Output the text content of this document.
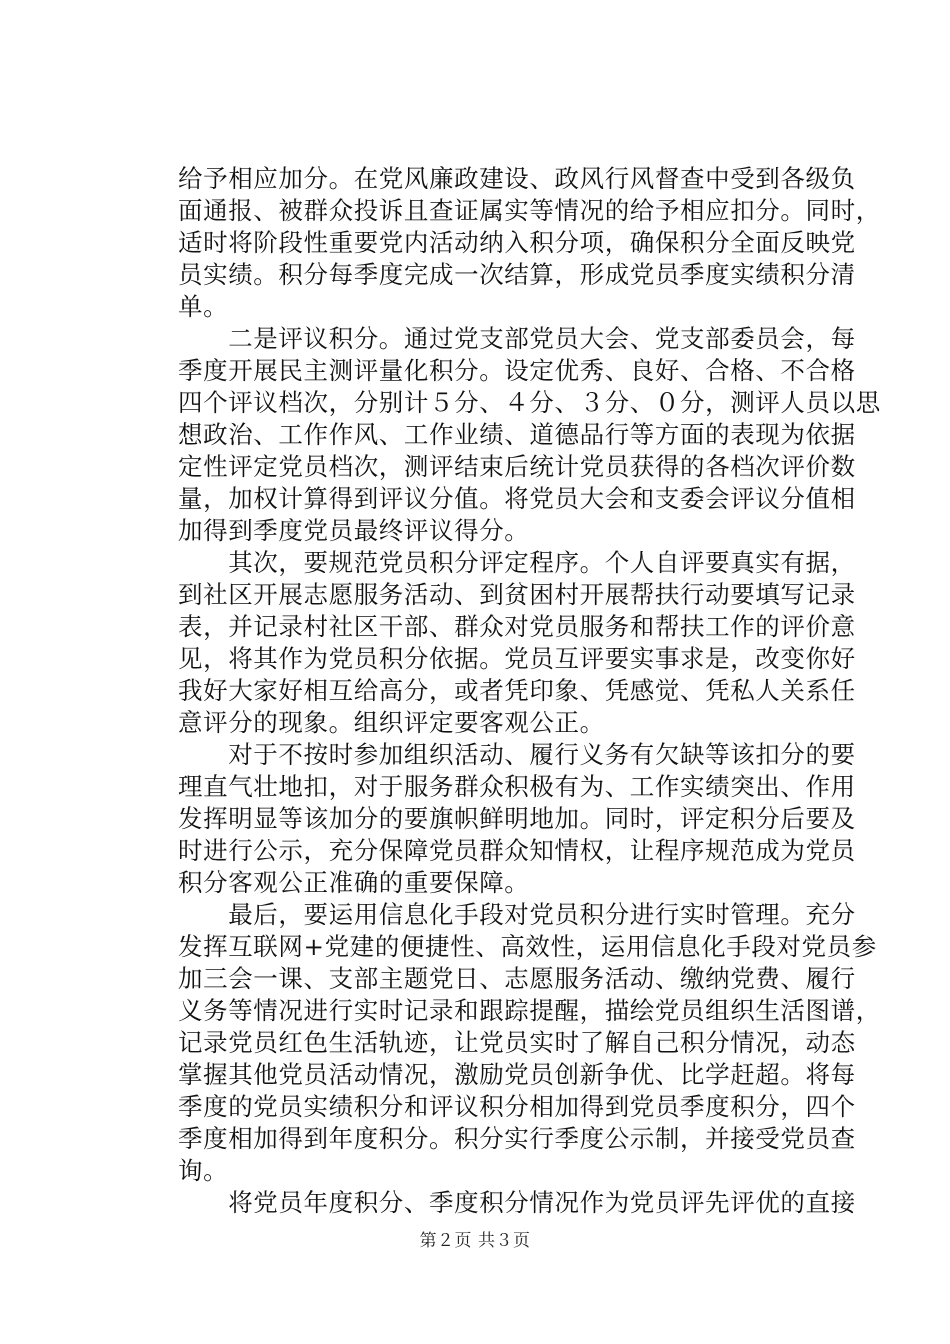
给予相应加分。在党风廉政建设、政风行风督查中受到各级负
面通报、被群众投诉且查证属实等情况的给予相应扣分。同时，
适时将阶段性重要党内活动纳入积分项，确保积分全面反映党
员实绩。积分每季度完成一次结算，形成党员季度实绩积分清
单。
　　二是评议积分。通过党支部党员大会、党支部委员会，每
季度开展民主测评量化积分。设定优秀、良好、合格、不合格
四个评议档次，分别计５分、４分、３分、０分，测评人员以思
想政治、工作作风、工作业绩、道德品行等方面的表现为依据
定性评定党员档次，测评结束后统计党员获得的各档次评价数
量，加权计算得到评议分值。将党员大会和支委会评议分值相
加得到季度党员最终评议得分。
　　其次，要规范党员积分评定程序。个人自评要真实有据，
到社区开展志愿服务活动、到贫困村开展帮扶行动要填写记录
表，并记录村社区干部、群众对党员服务和帮扶工作的评价意
见，将其作为党员积分依据。党员互评要实事求是，改变你好
我好大家好相互给高分，或者凭印象、凭感觉、凭私人关系任
意评分的现象。组织评定要客观公正。
　　对于不按时参加组织活动、履行义务有欠缺等该扣分的要
理直气壮地扣，对于服务群众积极有为、工作实绩突出、作用
发挥明显等该加分的要旗帜鲜明地加。同时，评定积分后要及
时进行公示，充分保障党员群众知情权，让程序规范成为党员
积分客观公正准确的重要保障。
　　最后，要运用信息化手段对党员积分进行实时管理。充分
发挥互联网+党建的便捷性、高效性，运用信息化手段对党员参
加三会一课、支部主题党日、志愿服务活动、缴纳党费、履行
义务等情况进行实时记录和跟踪提醒，描绘党员组织生活图谱，
记录党员红色生活轨迹，让党员实时了解自己积分情况，动态
掌握其他党员活动情况，激励党员创新争优、比学赶超。将每
季度的党员实绩积分和评议积分相加得到党员季度积分，四个
季度相加得到年度积分。积分实行季度公示制，并接受党员查
询。
　　将党员年度积分、季度积分情况作为党员评先评优的直接
第２页 共３页
